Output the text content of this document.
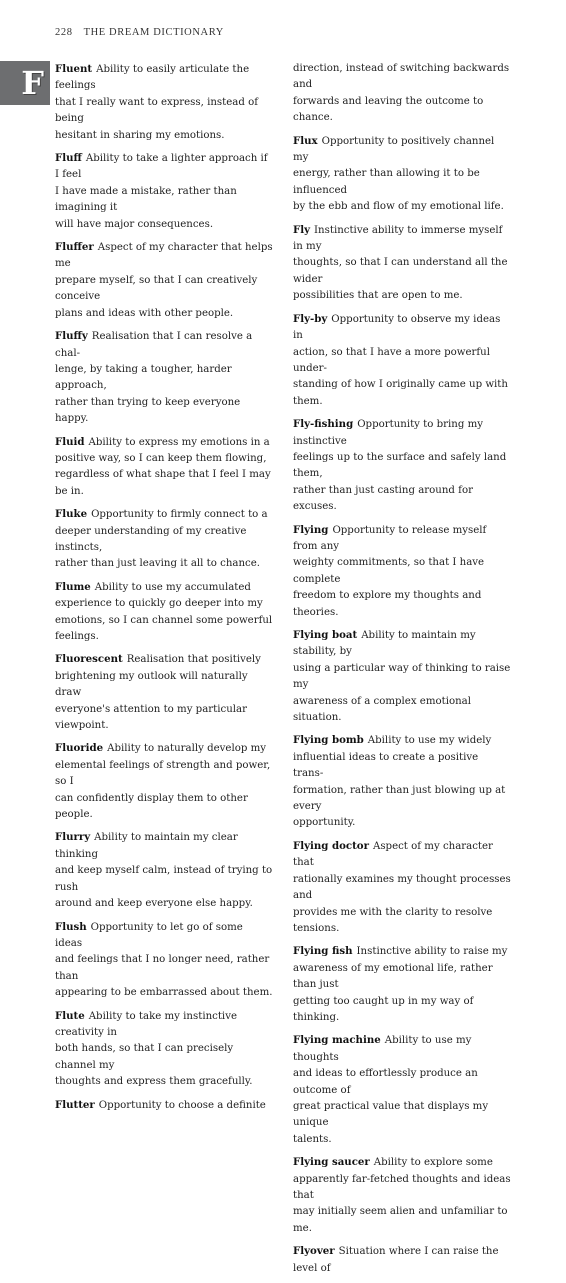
228 THE DREAM DICTIONARY
F Fluent Ability to easily articulate the feelings
that I really want to express, instead of being
hesitant in sharing my emotions.
Fluff Ability to take a lighter approach if I feel
I have made a mistake, rather than imagining it
will have major consequences.
Fluffer Aspect of my character that helps me
prepare myself, so that I can creatively conceive
plans and ideas with other people.
Fluffy Realisation that I can resolve a chal-
lenge, by taking a tougher, harder approach,
rather than trying to keep everyone happy.
Fluid Ability to express my emotions in a
positive way, so I can keep them flowing,
regardless of what shape that I feel I may be in.
Fluke Opportunity to firmly connect to a
deeper understanding of my creative instincts,
rather than just leaving it all to chance.
Flume Ability to use my accumulated
experience to quickly go deeper into my
emotions, so I can channel some powerful
feelings.
Fluorescent Realisation that positively
brightening my outlook will naturally draw
everyone's attention to my particular viewpoint.
Fluoride Ability to naturally develop my
elemental feelings of strength and power, so I
can confidently display them to other people.
Flurry Ability to maintain my clear thinking
and keep myself calm, instead of trying to rush
around and keep everyone else happy.
Flush Opportunity to let go of some ideas
and feelings that I no longer need, rather than
appearing to be embarrassed about them.
Flute Ability to take my instinctive creativity in
both hands, so that I can precisely channel my
thoughts and express them gracefully.
Flutter Opportunity to choose a definite
direction, instead of switching backwards and
forwards and leaving the outcome to chance.
Flux Opportunity to positively channel my
energy, rather than allowing it to be influenced
by the ebb and flow of my emotional life.
Fly Instinctive ability to immerse myself in my
thoughts, so that I can understand all the wider
possibilities that are open to me.
Fly-by Opportunity to observe my ideas in
action, so that I have a more powerful under-
standing of how I originally came up with them.
Fly-fishing Opportunity to bring my instinctive
feelings up to the surface and safely land them,
rather than just casting around for excuses.
Flying Opportunity to release myself from any
weighty commitments, so that I have complete
freedom to explore my thoughts and theories.
Flying boat Ability to maintain my stability, by
using a particular way of thinking to raise my
awareness of a complex emotional situation.
Flying bomb Ability to use my widely
influential ideas to create a positive trans-
formation, rather than just blowing up at every
opportunity.
Flying doctor Aspect of my character that
rationally examines my thought processes and
provides me with the clarity to resolve tensions.
Flying fish Instinctive ability to raise my
awareness of my emotional life, rather than just
getting too caught up in my way of thinking.
Flying machine Ability to use my thoughts
and ideas to effortlessly produce an outcome of
great practical value that displays my unique
talents.
Flying saucer Ability to explore some
apparently far-fetched thoughts and ideas that
may initially seem alien and unfamiliar to me.
Flyover Situation where I can raise the level of
